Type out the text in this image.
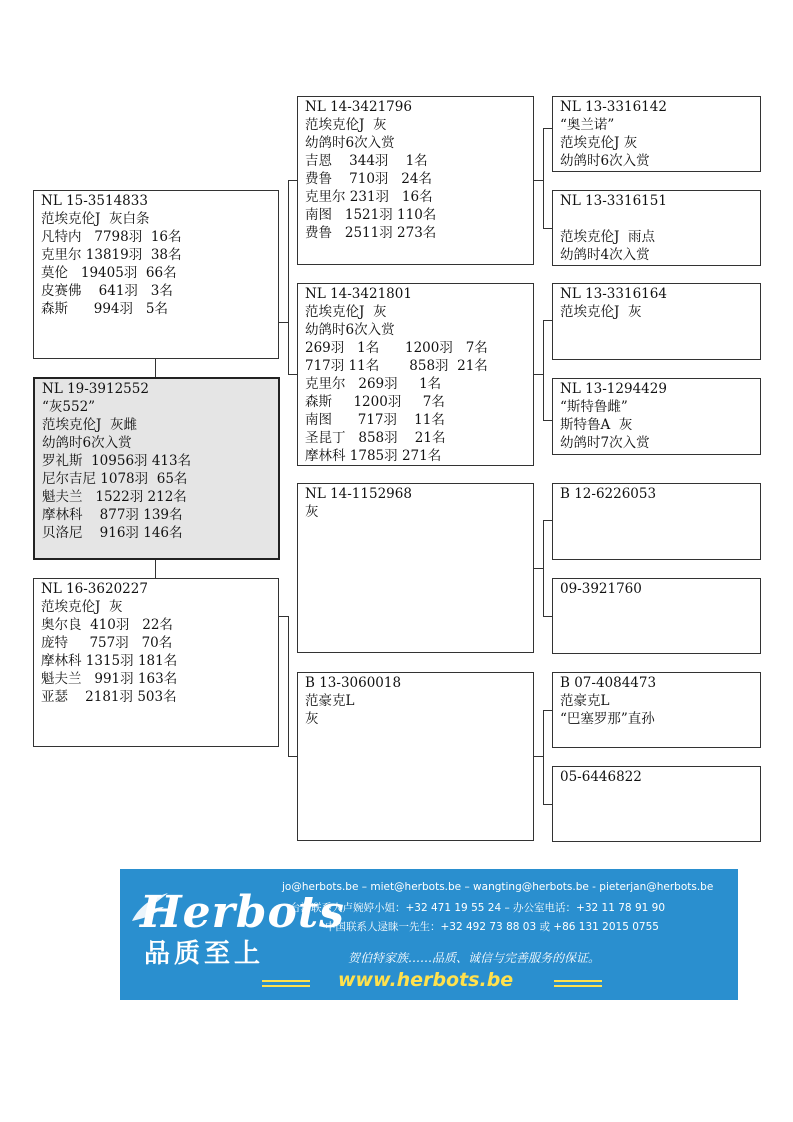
NL 15-3514833
范埃克伦J  灰白条
凡特内   7798羽  16名
克里尔 13819羽  38名
莫伦   19405羽  66名
皮赛佛    641羽   3名
森斯      994羽   5名
NL 19-3912552
“灰552”
范埃克伦J  灰雌
幼鸽时6次入赏
罗礼斯  10956羽 413名
尼尔吉尼 1078羽  65名
魁夫兰   1522羽 212名
摩林科    877羽 139名
贝洛尼    916羽 146名
NL 16-3620227
范埃克伦J  灰
奥尔良  410羽   22名
庞特     757羽   70名
摩林科 1315羽 181名
魁夫兰   991羽 163名
亚瑟    2181羽 503名
NL 14-3421796
范埃克伦J  灰
幼鸽时6次入赏
吉恩    344羽    1名
费鲁    710羽   24名
克里尔 231羽   16名
南图   1521羽 110名
费鲁   2511羽 273名
NL 14-3421801
范埃克伦J  灰
幼鸽时6次入赏
269羽   1名      1200羽   7名
717羽 11名       858羽  21名
克里尔   269羽     1名
森斯     1200羽     7名
南图      717羽    11名
圣昆丁   858羽    21名
摩林科 1785羽 271名
NL 14-1152968
灰
B 13-3060018
范豪克L
灰
NL 13-3316142
“奥兰诺”
范埃克伦J 灰
幼鸽时6次入赏
NL 13-3316151
范埃克伦J  雨点
幼鸽时4次入赏
NL 13-3316164
范埃克伦J  灰
NL 13-1294429
“斯特鲁雌”
斯特鲁A  灰
幼鸽时7次入赏
B 12-6226053
09-3921760
B 07-4084473
范豪克L
“巴塞罗那”直孙
05-6446822
Herbots
品质至上
jo@herbots.be – miet@herbots.be – wangting@herbots.be - pieterjan@herbots.be
台湾联系人卢婉婷小姐：+32 471 19 55 24 – 办公室电话：+32 11 78 91 90
中国联系人逯睐一先生：+32 492 73 88 03 或 +86 131 2015 0755
贺伯特家族……品质、诚信与完善服务的保证。
www.herbots.be
